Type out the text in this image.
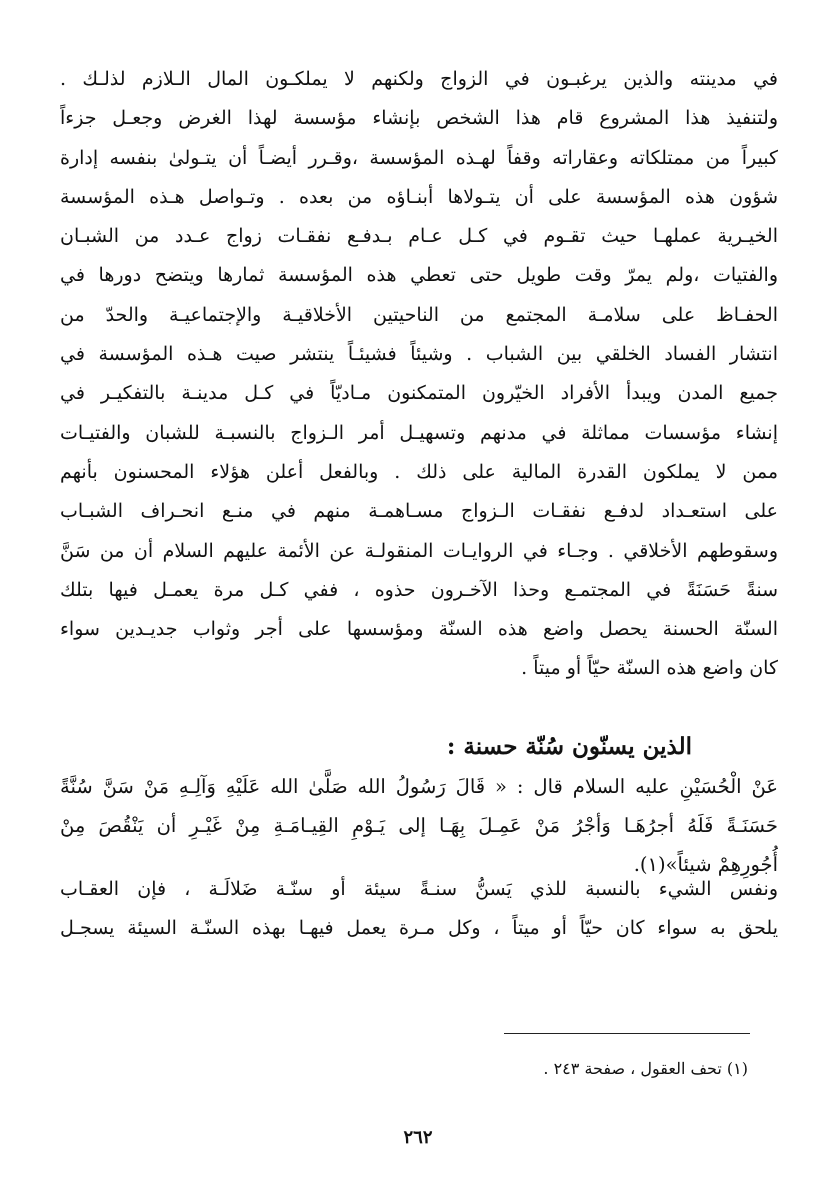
في مدينته والذين يرغبـون في الزواج ولكنهم لا يملكـون المال الـلازم لذلـك .
ولتنفيذ هذا المشروع قام هذا الشخص بإنشاء مؤسسة لهذا الغرض وجعـل جزءاً
كبيراً من ممتلكاته وعقاراته وقفاً لهـذه المؤسسة ،وقـرر أيضـاً أن يتـولىٰ بنفسه إدارة
شؤون هذه المؤسسة على أن يتـولاها أبنـاؤه من بعده . وتـواصل هـذه المؤسسة
الخيـرية عملهـا حيث تقـوم في كـل عـام بـدفـع نفقـات زواج عـدد من الشبـان
والفتيات ،ولم يمرّ وقت طويل حتى تعطي هذه المؤسسة ثمارها ويتضح دورها في
الحفـاظ على سلامـة المجتمع من الناحيتين الأخلاقيـة والإجتماعيـة والحدّ من
انتشار الفساد الخلقي بين الشباب . وشيئاً فشيئـاً ينتشر صيت هـذه المؤسسة في
جميع المدن ويبدأ الأفراد الخيّرون المتمكنون مـاديّاً في كـل مدينـة بالتفكيـر في
إنشاء مؤسسات مماثلة في مدنهم وتسهيـل أمر الـزواج بالنسبـة للشبان والفتيـات
ممن لا يملكون القدرة المالية على ذلك . وبالفعل أعلن هؤلاء المحسنون بأنهم
على استعـداد لدفـع نفقـات الـزواج مسـاهمـة منهم في منـع انحـراف الشبـاب
وسقوطهم الأخلاقي . وجـاء في الروايـات المنقولـة عن الأئمة عليهم السلام أن من سَنَّ
سنةً حَسَنَةً في المجتمـع وحذا الآخـرون حذوه ، ففي كـل مرة يعمـل فيها بتلك
السنّة الحسنة يحصل واضع هذه السنّة ومؤسسها على أجر وثواب جديـدين سواء
كان واضع هذه السنّة حيّاً أو ميتاً .
الذين يسنّون سُنّة حسنة :
عَنْ الْحُسَيْنِ عليه السلام قال : « قَالَ رَسُولُ الله صَلَّىٰ الله عَلَيْهِ وَآلِـهِ مَنْ سَنَّ سُنَّةً
حَسَنَـةً فَلَهُ أجرُهَـا وَأجْرُ مَنْ عَمِـلَ بِهَـا إلى يَـوْمِ القِيـامَـةِ مِنْ غَيْـرِ أن يَنْقُصَ مِنْ
أُجُورِهِمْ شيئاً»(١).
ونفس الشيء بالنسبة للذي يَسنُّ سنـةً سيئة أو سنّـة ضَلالَـة ، فإن العقـاب
يلحق به سواء كان حيّاً أو ميتاً ، وكل مـرة يعمل فيهـا بهذه السنّـة السيئة يسجـل
(١) تحف العقول ، صفحة ٢٤٣ .
٢٦٢
